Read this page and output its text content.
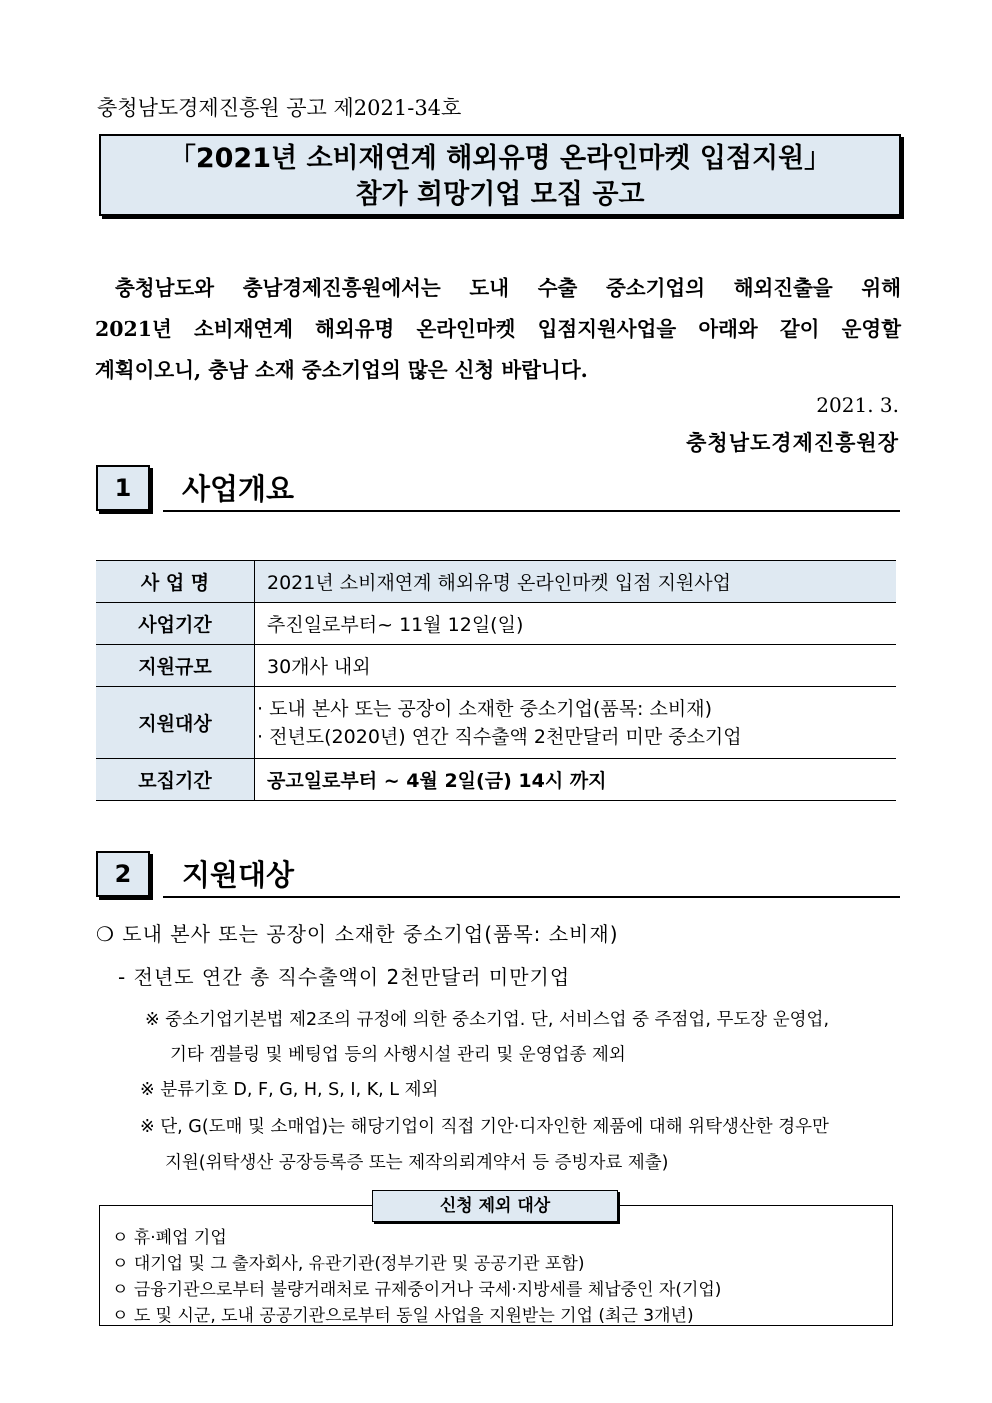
충청남도경제진흥원 공고 제2021-34호
「2021년 소비재연계 해외유명 온라인마켓 입점지원」
참가 희망기업 모집 공고

충청남도와 충남경제진흥원에서는 도내 수출 중소기업의 해외진출을 위해

2021년 소비재연계 해외유명 온라인마켓 입점지원사업을 아래와 같이 운영할

계획이오니, 충남 소재 중소기업의 많은 신청 바랍니다.

2021. 3.
충청남도경제진흥원장
1	사업개요
사 업 명	2021년 소비재연계 해외유명 온라인마켓 입점 지원사업
사업기간	추진일로부터~ 11월 12일(일)
지원규모	30개사 내외
지원대상	· 도내 본사 또는 공장이 소재한 중소기업(품목: 소비재)
· 전년도(2020년) 연간 직수출액 2천만달러 미만 중소기업

모집기간	공고일로부터 ~ 4월 2일(금) 14시 까지
2	지원대상
❍ 도내 본사 또는 공장이 소재한 중소기업(품목: 소비재)
- 전년도 연간 총 직수출액이 2천만달러 미만기업
※ 중소기업기본법 제2조의 규정에 의한 중소기업. 단, 서비스업 중 주점업, 무도장 운영업,
기타 겜블링 및 베팅업 등의 사행시설 관리 및 운영업종 제외
※ 분류기호 D, F, G, H, S, I, K, L 제외
※ 단, G(도매 및 소매업)는 해당기업이 직접 기안·디자인한 제품에 대해 위탁생산한 경우만
지원(위탁생산 공장등록증 또는 제작의뢰계약서 등 증빙자료 제출)
신청 제외 대상
ㅇ 휴·폐업 기업
ㅇ 대기업 및 그 출자회사, 유관기관(정부기관 및 공공기관 포함)
ㅇ 금융기관으로부터 불량거래처로 규제중이거나 국세·지방세를 체납중인 자(기업)
ㅇ 도 및 시군, 도내 공공기관으로부터 동일 사업을 지원받는 기업 (최근 3개년)
